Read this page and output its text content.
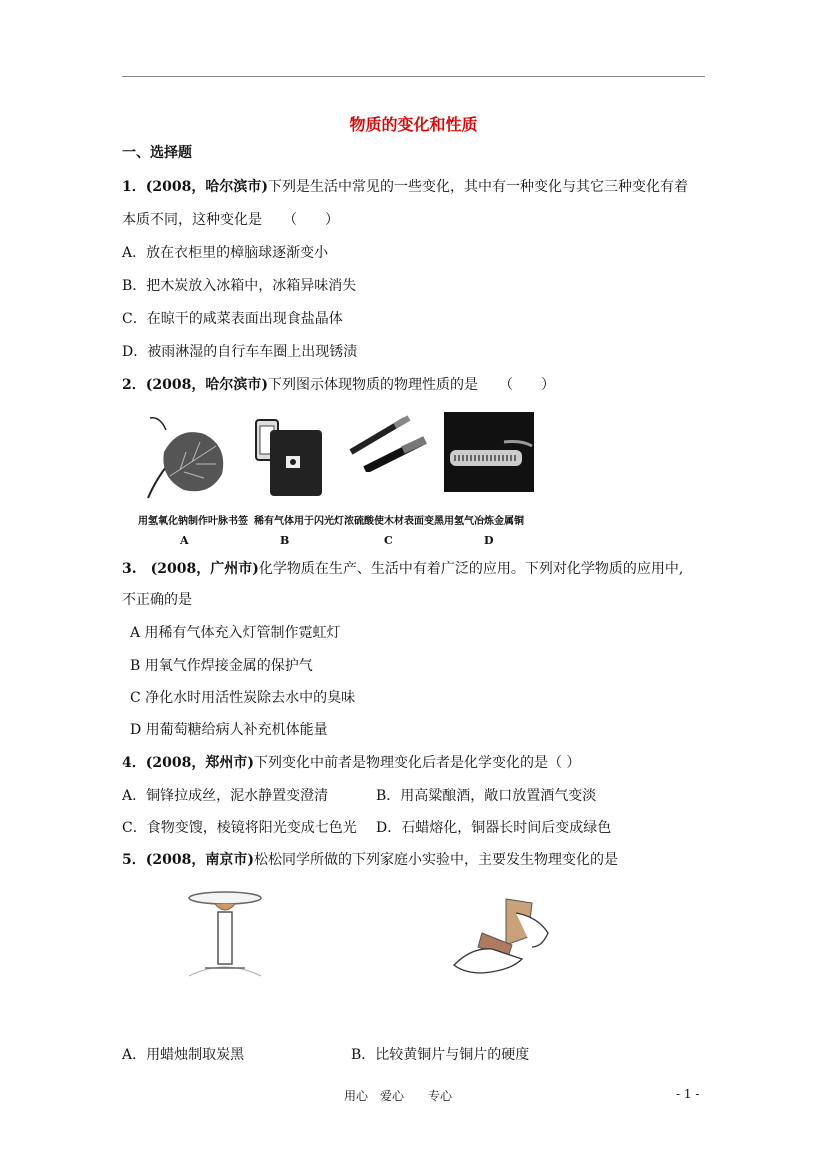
物质的变化和性质
一、选择题
1．(2008，哈尔滨市)下列是生活中常见的一些变化，其中有一种变化与其它三种变化有着
本质不同，这种变化是　　（　　）
A．放在衣柜里的樟脑球逐渐变小
B．把木炭放入冰箱中，冰箱异味消失
C．在晾干的咸菜表面出现食盐晶体
D．被雨淋湿的自行车车圈上出现锈渍
2．(2008，哈尔滨市)下列图示体现物质的物理性质的是　　（　　）
用氢氧化钠制作叶脉书签 稀有气体用于闪光灯 浓硫酸使木材表面变黑 用氢气冶炼金属铜
A	B	C	D
3.　(2008，广州市)化学物质在生产、生活中有着广泛的应用。下列对化学物质的应用中,
不正确的是
A 用稀有气体充入灯管制作霓虹灯
B 用氧气作焊接金属的保护气
C 净化水时用活性炭除去水中的臭味
D 用葡萄糖给病人补充机体能量
4．(2008，郑州市)下列变化中前者是物理变化后者是化学变化的是（ ）
A．铜锋拉成丝，泥水静置变澄清	B．用高粱酿酒，敞口放置酒气变淡
C．食物变馊，棱镜将阳光变成七色光 D．石蜡熔化，铜器长时间后变成绿色
5．(2008，南京市)松松同学所做的下列家庭小实验中，主要发生物理变化的是
A．用蜡烛制取炭黑	B．比较黄铜片与铜片的硬度
用心　爱心　　专心	- 1 -
